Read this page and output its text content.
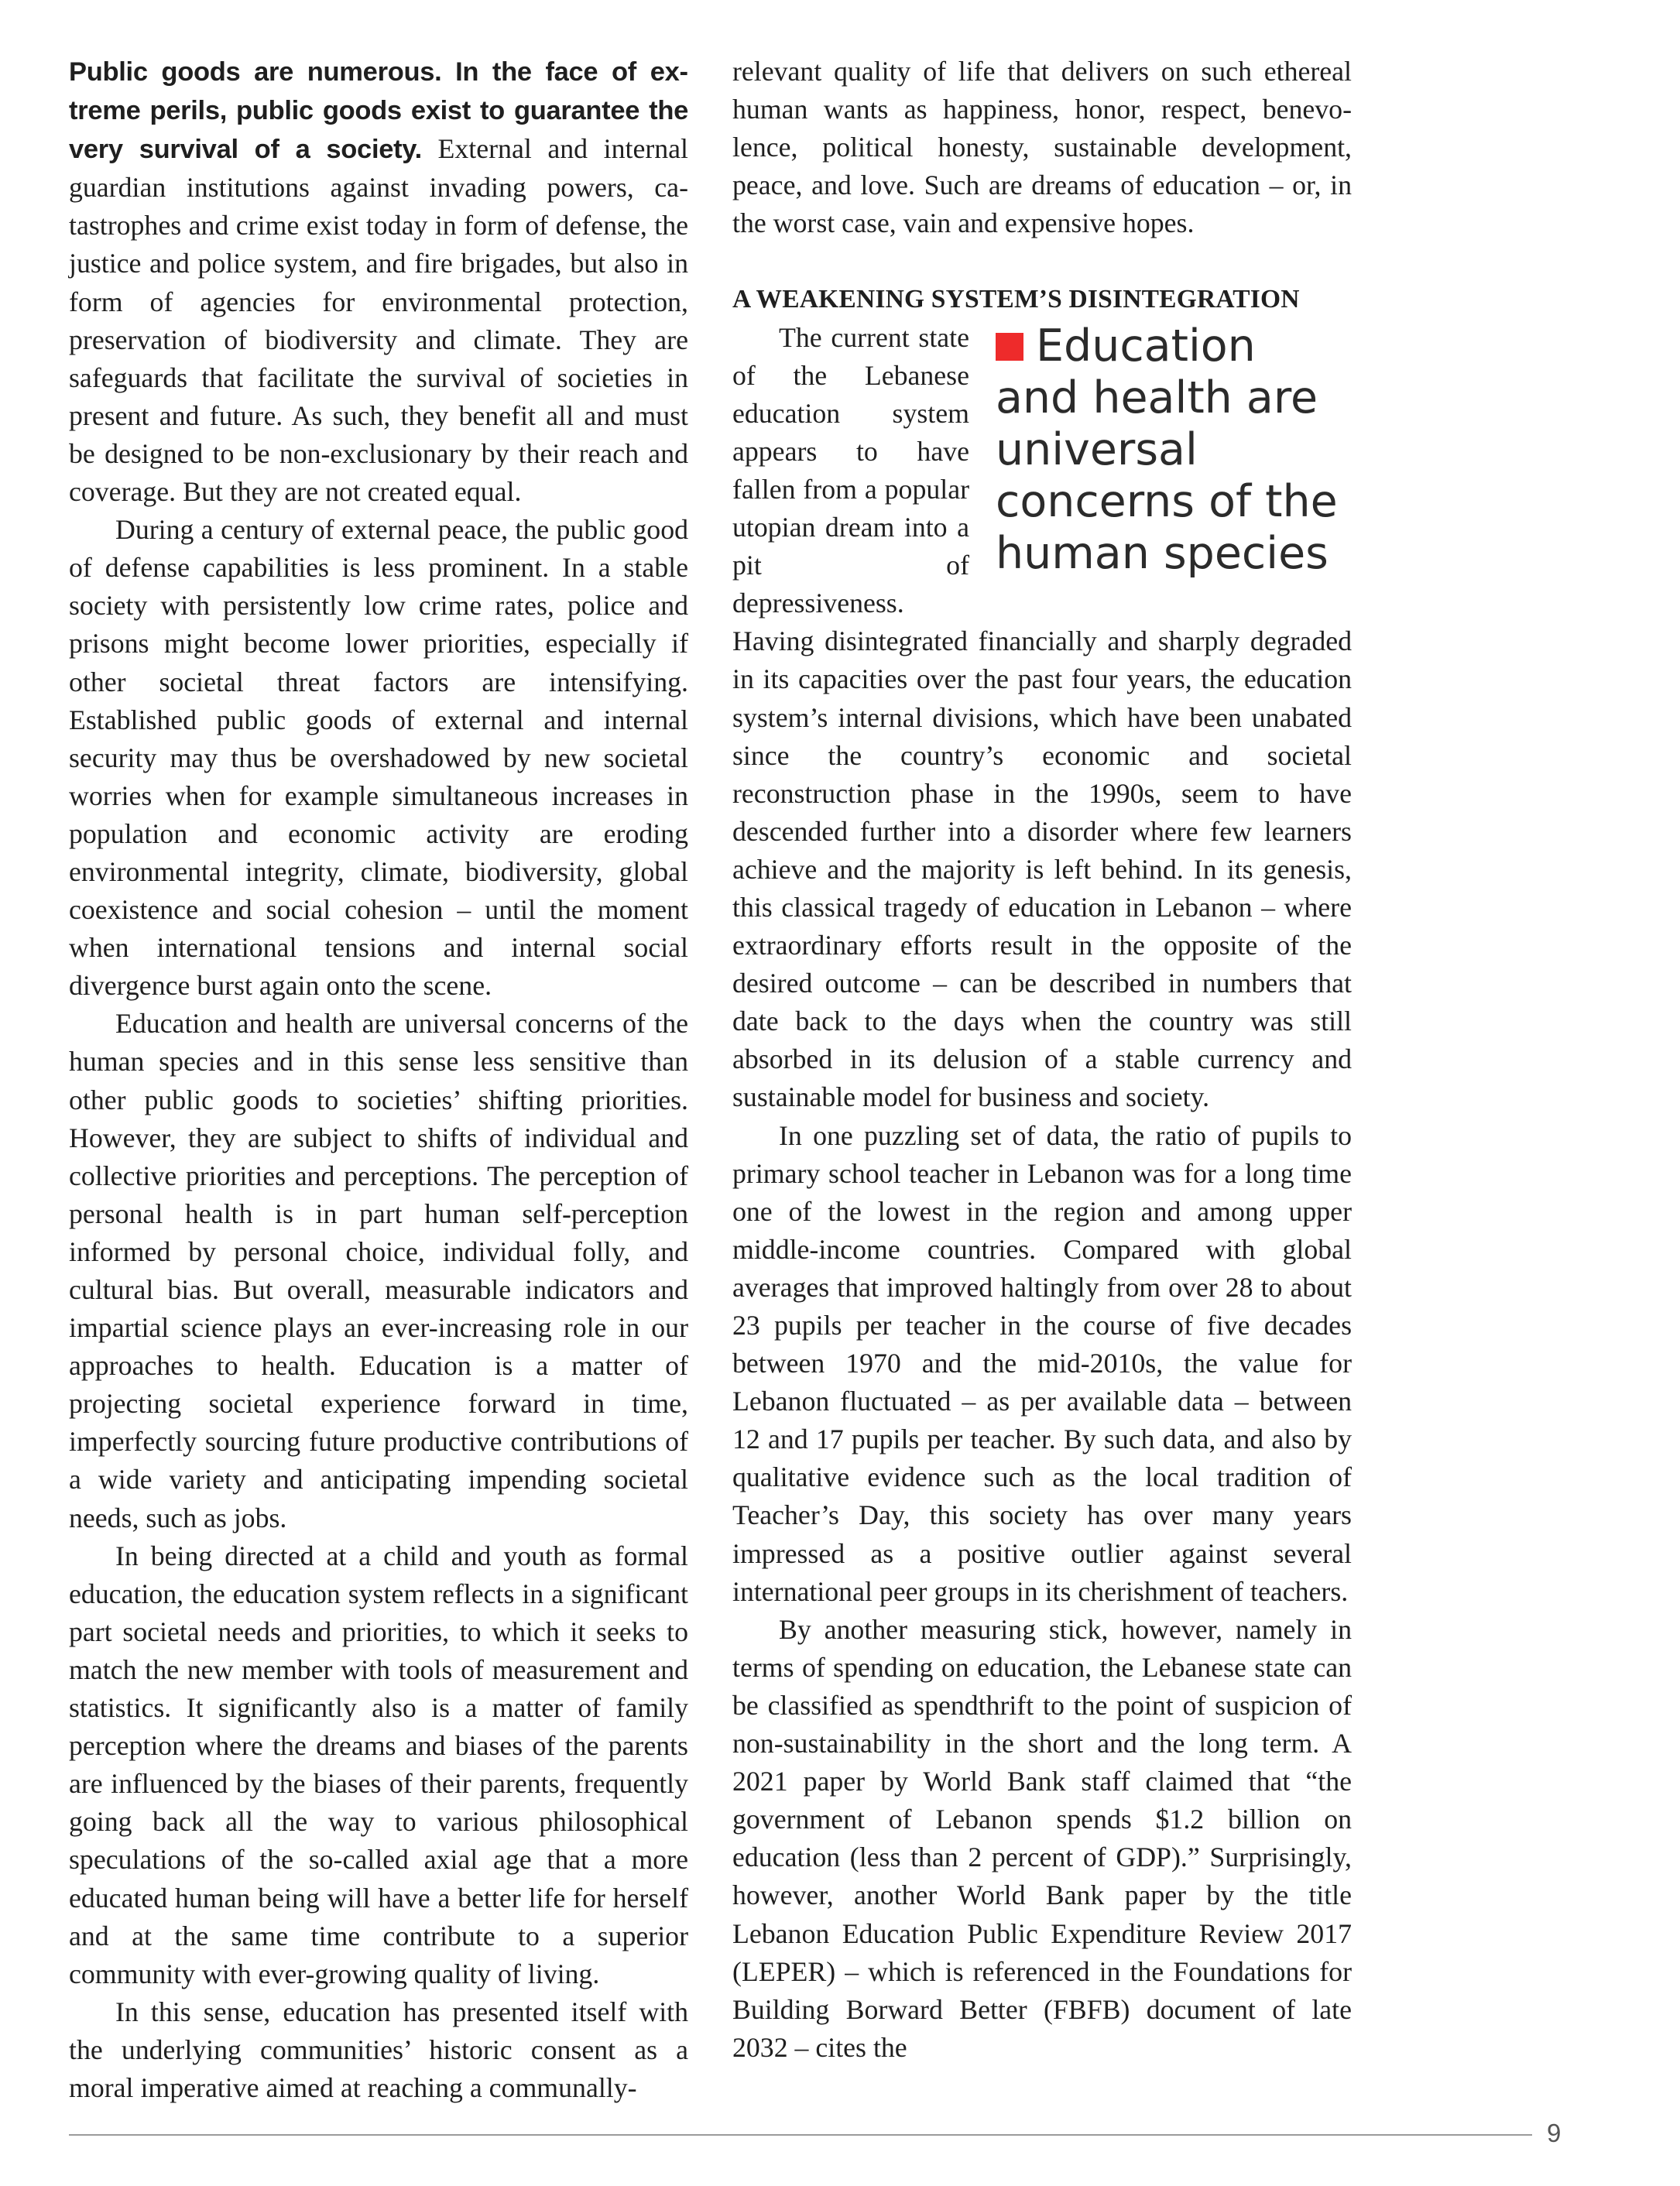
Public goods are numerous. In the face of extreme perils, public goods exist to guarantee the very survival of a society. External and internal guardian institutions against invading powers, catastrophes and crime exist today in form of defense, the justice and police system, and fire brigades, but also in form of agencies for environmental protection, preservation of biodiversity and climate. They are safeguards that facilitate the survival of societies in present and future. As such, they benefit all and must be designed to be non-exclusionary by their reach and coverage. But they are not created equal.

During a century of external peace, the public good of defense capabilities is less prominent. In a stable society with persistently low crime rates, police and prisons might become lower priorities, especially if other societal threat factors are intensifying. Established public goods of external and internal security may thus be overshadowed by new societal worries when for example simultaneous increases in population and economic activity are eroding environmental integrity, climate, biodiversity, global coexistence and social cohesion – until the moment when international tensions and internal social divergence burst again onto the scene.

Education and health are universal concerns of the human species and in this sense less sensitive than other public goods to societies’ shifting priorities. However, they are subject to shifts of individual and collective priorities and perceptions. The perception of personal health is in part human self-perception informed by personal choice, individual folly, and cultural bias. But overall, measurable indicators and impartial science plays an ever-increasing role in our approaches to health. Education is a matter of projecting societal experience forward in time, imperfectly sourcing future productive contributions of a wide variety and anticipating impending societal needs, such as jobs.

In being directed at a child and youth as formal education, the education system reflects in a significant part societal needs and priorities, to which it seeks to match the new member with tools of measurement and statistics. It significantly also is a matter of family perception where the dreams and biases of the parents are influenced by the biases of their parents, frequently going back all the way to various philosophical speculations of the so-called axial age that a more educated human being will have a better life for herself and at the same time contribute to a superior community with ever-growing quality of living.

In this sense, education has presented itself with the underlying communities’ historic consent as a moral imperative aimed at reaching a communally-

relevant quality of life that delivers on such ethereal human wants as happiness, honor, respect, benevolence, political honesty, sustainable development, peace, and love. Such are dreams of education – or, in the worst case, vain and expensive hopes.

A WEAKENING SYSTEM’S DISINTEGRATION

Education and health are universal concerns of the human species
The current state of the Lebanese education system appears to have fallen from a popular utopian dream into a pit of depressiveness. Having disintegrated financially and sharply degraded in its capacities over the past four years, the education system’s internal divisions, which have been unabated since the country’s economic and societal reconstruction phase in the 1990s, seem to have descended further into a disorder where few learners achieve and the majority is left behind. In its genesis, this classical tragedy of education in Lebanon – where extraordinary efforts result in the opposite of the desired outcome – can be described in numbers that date back to the days when the country was still absorbed in its delusion of a stable currency and sustainable model for business and society.

In one puzzling set of data, the ratio of pupils to primary school teacher in Lebanon was for a long time one of the lowest in the region and among upper middle-income countries. Compared with global averages that improved haltingly from over 28 to about 23 pupils per teacher in the course of five decades between 1970 and the mid-2010s, the value for Lebanon fluctuated – as per available data – between 12 and 17 pupils per teacher. By such data, and also by qualitative evidence such as the local tradition of Teacher’s Day, this society has over many years impressed as a positive outlier against several international peer groups in its cherishment of teachers.

By another measuring stick, however, namely in terms of spending on education, the Lebanese state can be classified as spendthrift to the point of suspicion of non-sustainability in the short and the long term. A 2021 paper by World Bank staff claimed that “the government of Lebanon spends $1.2 billion on education (less than 2 percent of GDP).” Surprisingly, however, another World Bank paper by the title Lebanon Education Public Expenditure Review 2017 (LEPER) – which is referenced in the Foundations for Building Borward Better (FBFB) document of late 2032 – cites the

9
